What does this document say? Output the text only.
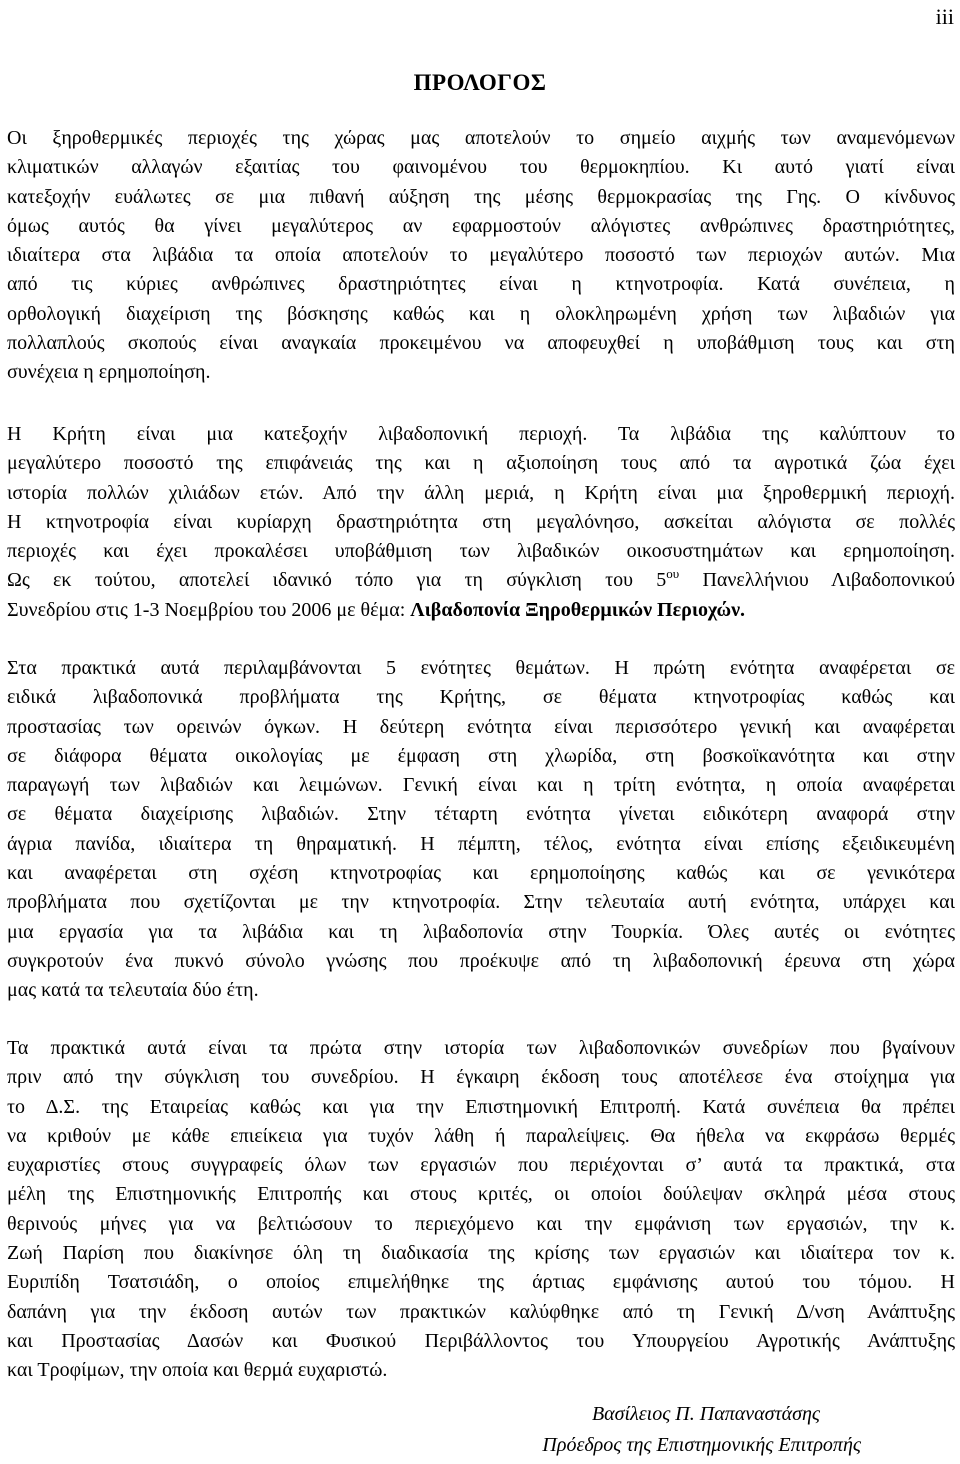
iii
ΠΡΟΛΟΓΟΣ
Οι ξηροθερμικές περιοχές της χώρας μας αποτελούν το σημείο αιχμής των αναμενόμενων
κλιματικών αλλαγών εξαιτίας του φαινομένου του θερμοκηπίου. Κι αυτό γιατί είναι
κατεξοχήν ευάλωτες σε μια πιθανή αύξηση της μέσης θερμοκρασίας της Γης. Ο κίνδυνος
όμως αυτός θα γίνει μεγαλύτερος αν εφαρμοστούν αλόγιστες ανθρώπινες δραστηριότητες,
ιδιαίτερα στα λιβάδια τα οποία αποτελούν το μεγαλύτερο ποσοστό των περιοχών αυτών. Μια
από τις κύριες ανθρώπινες δραστηριότητες είναι η κτηνοτροφία. Κατά συνέπεια, η
ορθολογική διαχείριση της βόσκησης καθώς και η ολοκληρωμένη χρήση των λιβαδιών για
πολλαπλούς σκοπούς είναι αναγκαία προκειμένου να αποφευχθεί η υποβάθμιση τους και στη
συνέχεια η ερημοποίηση.
Η Κρήτη είναι μια κατεξοχήν λιβαδοπονική περιοχή. Τα λιβάδια της καλύπτουν το
μεγαλύτερο ποσοστό της επιφάνειάς της και η αξιοποίηση τους από τα αγροτικά ζώα έχει
ιστορία πολλών χιλιάδων ετών. Από την άλλη μεριά, η Κρήτη είναι μια ξηροθερμική περιοχή.
Η κτηνοτροφία είναι κυρίαρχη δραστηριότητα στη μεγαλόνησο, ασκείται αλόγιστα σε πολλές
περιοχές και έχει προκαλέσει υποβάθμιση των λιβαδικών οικοσυστημάτων και ερημοποίηση.
Ως εκ τούτου, αποτελεί ιδανικό τόπο για τη σύγκλιση του $5^{o\upsilon}$ Πανελλήνιου Λιβαδοπονικού
Συνεδρίου στις 1-3 Νοεμβρίου του 2006 με θέμα: Λιβαδοπονία Ξηροθερμικών Περιοχών.
Στα πρακτικά αυτά περιλαμβάνονται 5 ενότητες θεμάτων. Η πρώτη ενότητα αναφέρεται σε
ειδικά λιβαδοπονικά προβλήματα της Κρήτης, σε θέματα κτηνοτροφίας καθώς και
προστασίας των ορεινών όγκων. Η δεύτερη ενότητα είναι περισσότερο γενική και αναφέρεται
σε διάφορα θέματα οικολογίας με έμφαση στη χλωρίδα, στη βοσκοϊκανότητα και στην
παραγωγή των λιβαδιών και λειμώνων. Γενική είναι και η τρίτη ενότητα, η οποία αναφέρεται
σε θέματα διαχείρισης λιβαδιών. Στην τέταρτη ενότητα γίνεται ειδικότερη αναφορά στην
άγρια πανίδα, ιδιαίτερα τη θηραματική. Η πέμπτη, τέλος, ενότητα είναι επίσης εξειδικευμένη
και αναφέρεται στη σχέση κτηνοτροφίας και ερημοποίησης καθώς και σε γενικότερα
προβλήματα που σχετίζονται με την κτηνοτροφία. Στην τελευταία αυτή ενότητα, υπάρχει και
μια εργασία για τα λιβάδια και τη λιβαδοπονία στην Τουρκία. Όλες αυτές οι ενότητες
συγκροτούν ένα πυκνό σύνολο γνώσης που προέκυψε από τη λιβαδοπονική έρευνα στη χώρα
μας κατά τα τελευταία δύο έτη.
Τα πρακτικά αυτά είναι τα πρώτα στην ιστορία των λιβαδοπονικών συνεδρίων που βγαίνουν
πριν από την σύγκλιση του συνεδρίου. Η έγκαιρη έκδοση τους αποτέλεσε ένα στοίχημα για
το Δ.Σ. της Εταιρείας καθώς και για την Επιστημονική Επιτροπή. Κατά συνέπεια θα πρέπει
να κριθούν με κάθε επιείκεια για τυχόν λάθη ή παραλείψεις. Θα ήθελα να εκφράσω θερμές
ευχαριστίες στους συγγραφείς όλων των εργασιών που περιέχονται σ’ αυτά τα πρακτικά, στα
μέλη της Επιστημονικής Επιτροπής και στους κριτές, οι οποίοι δούλεψαν σκληρά μέσα στους
θερινούς μήνες για να βελτιώσουν το περιεχόμενο και την εμφάνιση των εργασιών, την κ.
Ζωή Παρίση που διακίνησε όλη τη διαδικασία της κρίσης των εργασιών και ιδιαίτερα τον κ.
Ευριπίδη Τσατσιάδη, ο οποίος επιμελήθηκε της άρτιας εμφάνισης αυτού του τόμου. Η
δαπάνη για την έκδοση αυτών των πρακτικών καλύφθηκε από τη Γενική Δ/νση Ανάπτυξης
και Προστασίας Δασών και Φυσικού Περιβάλλοντος του Υπουργείου Αγροτικής Ανάπτυξης
και Τροφίμων, την οποία και θερμά ευχαριστώ.
Βασίλειος Π. Παπαναστάσης
Πρόεδρος της Επιστημονικής Επιτροπής
